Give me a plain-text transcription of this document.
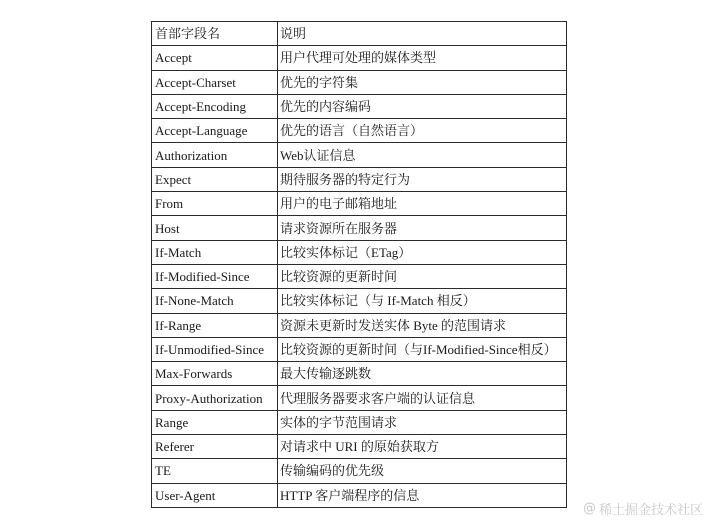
首部字段名	说明
Accept	用户代理可处理的媒体类型
Accept-Charset	优先的字符集
Accept-Encoding	优先的内容编码
Accept-Language	优先的语言（自然语言）
Authorization	Web认证信息
Expect	期待服务器的特定行为
From	用户的电子邮箱地址
Host	请求资源所在服务器
If-Match	比较实体标记（ETag）
If-Modified-Since	比较资源的更新时间
If-None-Match	比较实体标记（与 If-Match 相反）
If-Range	资源未更新时发送实体 Byte 的范围请求
If-Unmodified-Since	比较资源的更新时间（与If-Modified-Since相反）
Max-Forwards	最大传输逐跳数
Proxy-Authorization	代理服务器要求客户端的认证信息
Range	实体的字节范围请求
Referer	对请求中 URI 的原始获取方
TE	传输编码的优先级
User-Agent	HTTP 客户端程序的信息
@ 稀土掘金技术社区
